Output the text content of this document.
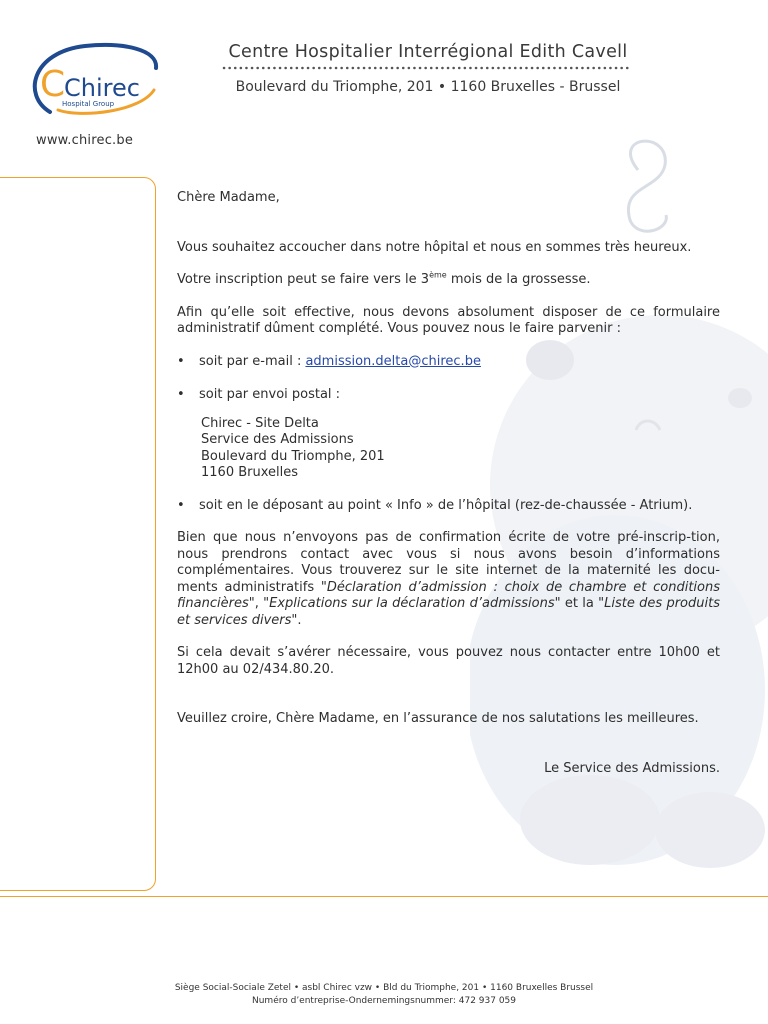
C
Chirec
Hospital Group
www.chirec.be
Centre Hospitalier Interrégional Edith Cavell
Boulevard du Triomphe, 201 • 1160 Bruxelles - Brussel

Chère Madame,

Vous souhaitez accoucher dans notre hôpital et nous en sommes très heureux.

Votre inscription peut se faire vers le 3ème mois de la grossesse.

Afin qu’elle soit effective, nous devons absolument disposer de ce formulaire administratif dûment complété. Vous pouvez nous le faire parvenir :

• soit par e-mail : admission.delta@chirec.be

• soit par envoi postal :

Chirec - Site Delta
Service des Admissions
Boulevard du Triomphe, 201
1160 Bruxelles

• soit en le déposant au point « Info » de l’hôpital (rez-de-chaussée - Atrium).

Bien que nous n’envoyons pas de confirmation écrite de votre pré-inscrip-tion, nous prendrons contact avec vous si nous avons besoin d’informations complémentaires. Vous trouverez sur le site internet de la maternité les docu-ments administratifs "Déclaration d’admission : choix de chambre et conditions financières", "Explications sur la déclaration d’admissions" et la "Liste des produits et services divers".

Si cela devait s’avérer nécessaire, vous pouvez nous contacter entre 10h00 et 12h00 au 02/434.80.20.

Veuillez croire, Chère Madame, en l’assurance de nos salutations les meilleures.

Le Service des Admissions.

Siège Social-Sociale Zetel • asbl Chirec vzw • Bld du Triomphe, 201 • 1160 Bruxelles Brussel
Numéro d’entreprise-Ondernemingsnummer: 472 937 059
